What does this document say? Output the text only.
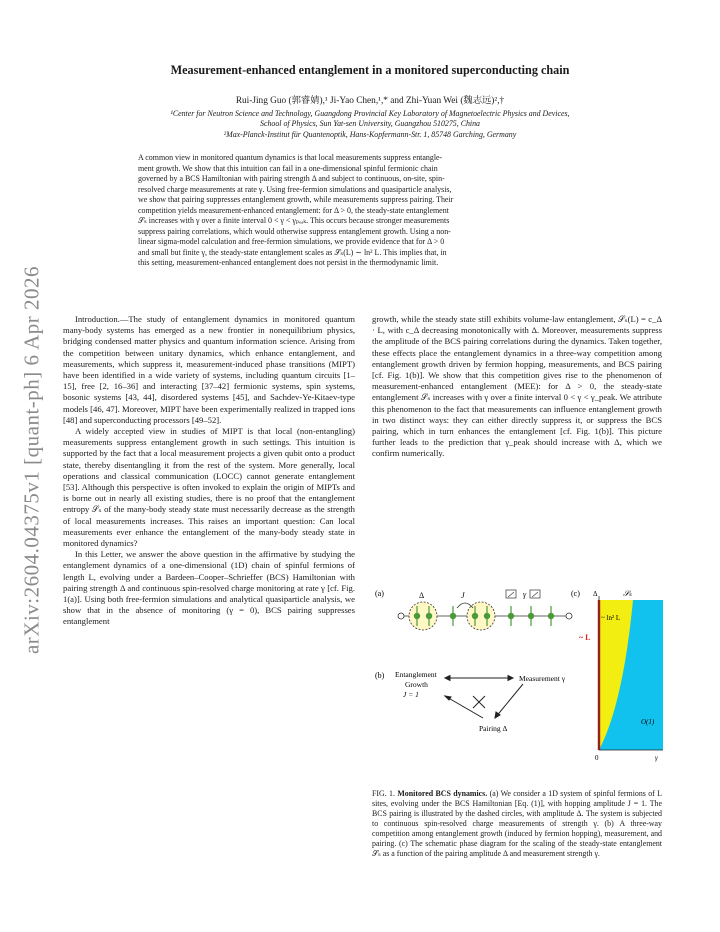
arXiv:2604.04375v1 [quant-ph] 6 Apr 2026
Measurement-enhanced entanglement in a monitored superconducting chain
Rui-Jing Guo (郭睿婧),¹ Ji-Yao Chen,¹,* and Zhi-Yuan Wei (魏志远)²,†
¹Center for Neutron Science and Technology, Guangdong Provincial Key Laboratory of Magnetoelectric Physics and Devices,
School of Physics, Sun Yat-sen University, Guangzhou 510275, China
²Max-Planck-Institut für Quantenoptik, Hans-Kopfermann-Str. 1, 85748 Garching, Germany
A common view in monitored quantum dynamics is that local measurements suppress entangle-
ment growth. We show that this intuition can fail in a one-dimensional spinful fermionic chain
governed by a BCS Hamiltonian with pairing strength Δ and subject to continuous, on-site, spin-
resolved charge measurements at rate γ. Using free-fermion simulations and quasiparticle analysis,
we show that pairing suppresses entanglement growth, while measurements suppress pairing. Their
competition yields measurement-enhanced entanglement: for Δ > 0, the steady-state entanglement
𝒮ₛ increases with γ over a finite interval 0 < γ < γₚₑₐₖ. This occurs because stronger measurements
suppress pairing correlations, which would otherwise suppress entanglement growth. Using a non-
linear sigma-model calculation and free-fermion simulations, we provide evidence that for Δ > 0
and small but finite γ, the steady-state entanglement scales as 𝒮ₛ(L) ∼ ln² L. This implies that, in
this setting, measurement-enhanced entanglement does not persist in the thermodynamic limit.

Introduction.—The study of entanglement dynamics in monitored quantum many-body systems has emerged as a new frontier in nonequilibrium physics, bridging condensed matter physics and quantum information science. Arising from the competition between unitary dynamics, which enhance entanglement, and measurements, which suppress it, measurement-induced phase transitions (MIPT) have been identified in a wide variety of systems, including quantum circuits [1–15], free [2, 16–36] and interacting [37–42] fermionic systems, spin systems, bosonic systems [43, 44], disordered systems [45], and Sachdev-Ye-Kitaev-type models [46, 47]. Moreover, MIPT have been experimentally realized in trapped ions [48] and superconducting processors [49–52].

A widely accepted view in studies of MIPT is that local (non-entangling) measurements suppress entanglement growth in such settings. This intuition is supported by the fact that a local measurement projects a given qubit onto a product state, thereby disentangling it from the rest of the system. More generally, local operations and classical communication (LOCC) cannot generate entanglement [53]. Although this perspective is often invoked to explain the origin of MIPTs and is borne out in nearly all existing studies, there is no proof that the entanglement entropy 𝒮ₛ of the many-body steady state must necessarily decrease as the strength of local measurements increases. This raises an important question: Can local measurements ever enhance the entanglement of the many-body steady state in monitored dynamics?

In this Letter, we answer the above question in the affirmative by studying the entanglement dynamics of a one-dimensional (1D) chain of spinful fermions of length L, evolving under a Bardeen–Cooper–Schrieffer (BCS) Hamiltonian with pairing strength Δ and continuous spin-resolved charge monitoring at rate γ [cf. Fig. 1(a)]. Using both free-fermion simulations and analytical quasiparticle analysis, we show that in the absence of monitoring (γ = 0), BCS pairing suppresses entanglement

growth, while the steady state still exhibits volume-law entanglement, 𝒮ₛ(L) = c_Δ · L, with c_Δ decreasing monotonically with Δ. Moreover, measurements suppress the amplitude of the BCS pairing correlations during the dynamics. Taken together, these effects place the entanglement dynamics in a three-way competition among entanglement growth driven by fermion hopping, measurements, and BCS pairing [cf. Fig. 1(b)]. We show that this competition gives rise to the phenomenon of measurement-enhanced entanglement (MEE): for Δ > 0, the steady-state entanglement 𝒮ₛ increases with γ over a finite interval 0 < γ < γ_peak. We attribute this phenomenon to the fact that measurements can influence entanglement growth in two distinct ways: they can either directly suppress it, or suppress the BCS pairing, which in turn enhances the entanglement [cf. Fig. 1(b)]. This picture further leads to the prediction that γ_peak should increase with Δ, which we confirm numerically.

(a)	Δ	J	γ
(b) Entanglement
Growth
J = 1
Measurement γ
Pairing Δ
(c) Δ	𝒮ₛ
~ ln² L
~ L
O(1)
0	γ
FIG. 1. Monitored BCS dynamics. (a) We consider a 1D system of spinful fermions of L sites, evolving under the BCS Hamiltonian [Eq. (1)], with hopping amplitude J = 1. The BCS pairing is illustrated by the dashed circles, with amplitude Δ. The system is subjected to continuous spin-resolved charge measurements of strength γ. (b) A three-way competition among entanglement growth (induced by fermion hopping), measurement, and pairing. (c) The schematic phase diagram for the scaling of the steady-state entanglement 𝒮ₛ as a function of the pairing amplitude Δ and measurement strength γ.
